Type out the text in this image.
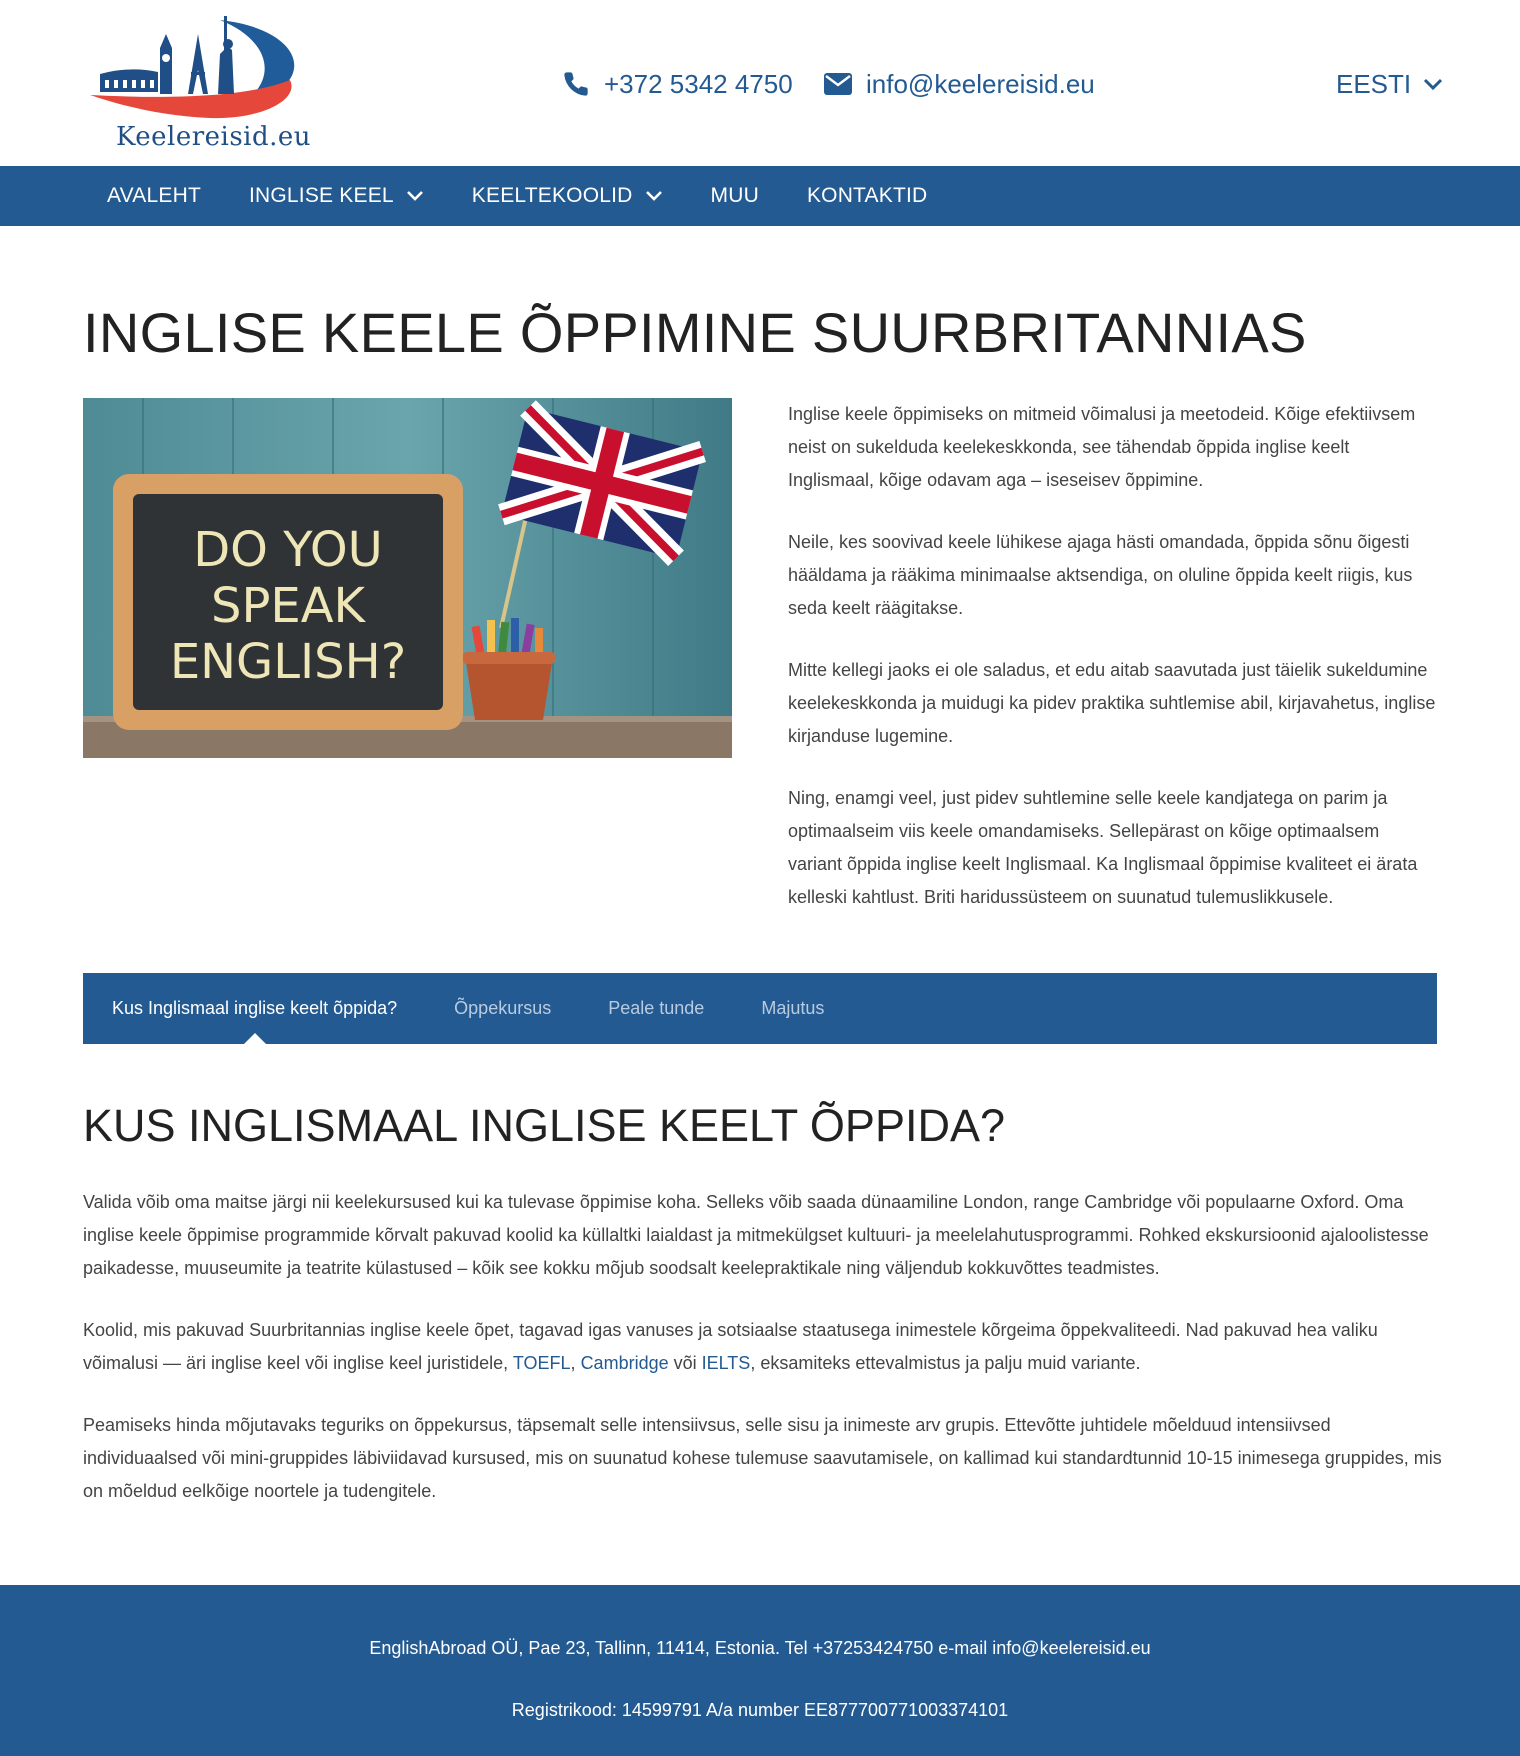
Keelereisid.eu
+372 5342 4750	info@keelereisid.eu	EESTI
AVALEHT INGLISE KEEL	KEELTEKOOLID	MUU KONTAKTID
INGLISE KEELE ÕPPIMINE SUURBRITANNIAS
DO YOU
SPEAK
ENGLISH?

Inglise keele õppimiseks on mitmeid võimalusi ja meetodeid. Kõige efektiivsem neist on sukelduda keelekeskkonda, see tähendab õppida inglise keelt Inglismaal, kõige odavam aga – iseseisev õppimine.

Neile, kes soovivad keele lühikese ajaga hästi omandada, õppida sõnu õigesti hääldama ja rääkima minimaalse aktsendiga, on oluline õppida keelt riigis, kus seda keelt räägitakse.

Mitte kellegi jaoks ei ole saladus, et edu aitab saavutada just täielik sukeldumine keelekeskkonda ja muidugi ka pidev praktika suhtlemise abil, kirjavahetus, inglise kirjanduse lugemine.

Ning, enamgi veel, just pidev suhtlemine selle keele kandjatega on parim ja optimaalseim viis keele omandamiseks. Sellepärast on kõige optimaalsem variant õppida inglise keelt Inglismaal. Ka Inglismaal õppimise kvaliteet ei ärata kelleski kahtlust. Briti haridussüsteem on suunatud tulemuslikkusele.

Kus Inglismaal inglise keelt õppida?	Õppekursus	Peale tunde	Majutus
KUS INGLISMAAL INGLISE KEELT ÕPPIDA?

Valida võib oma maitse järgi nii keelekursused kui ka tulevase õppimise koha. Selleks võib saada dünaamiline London, range Cambridge või populaarne Oxford. Oma inglise keele õppimise programmide kõrvalt pakuvad koolid ka küllaltki laialdast ja mitmekülgset kultuuri- ja meelelahutusprogrammi. Rohked ekskursioonid ajaloolistesse paikadesse, muuseumite ja teatrite külastused – kõik see kokku mõjub soodsalt keelepraktikale ning väljendub kokkuvõttes teadmistes.

Koolid, mis pakuvad Suurbritannias inglise keele õpet, tagavad igas vanuses ja sotsiaalse staatusega inimestele kõrgeima õppekvaliteedi. Nad pakuvad hea valiku võimalusi — äri inglise keel või inglise keel juristidele, TOEFL, Cambridge või IELTS, eksamiteks ettevalmistus ja palju muid variante.

Peamiseks hinda mõjutavaks teguriks on õppekursus, täpsemalt selle intensiivsus, selle sisu ja inimeste arv grupis. Ettevõtte juhtidele mõelduud intensiivsed individuaalsed või mini-gruppides läbiviidavad kursused, mis on suunatud kohese tulemuse saavutamisele, on kallimad kui standardtunnid 10-15 inimesega gruppides, mis on mõeldud eelkõige noortele ja tudengitele.

EnglishAbroad OÜ, Pae 23, Tallinn, 11414, Estonia. Tel +37253424750 e-mail info@keelereisid.eu
Registrikood: 14599791 A/a number EE877700771003374101
